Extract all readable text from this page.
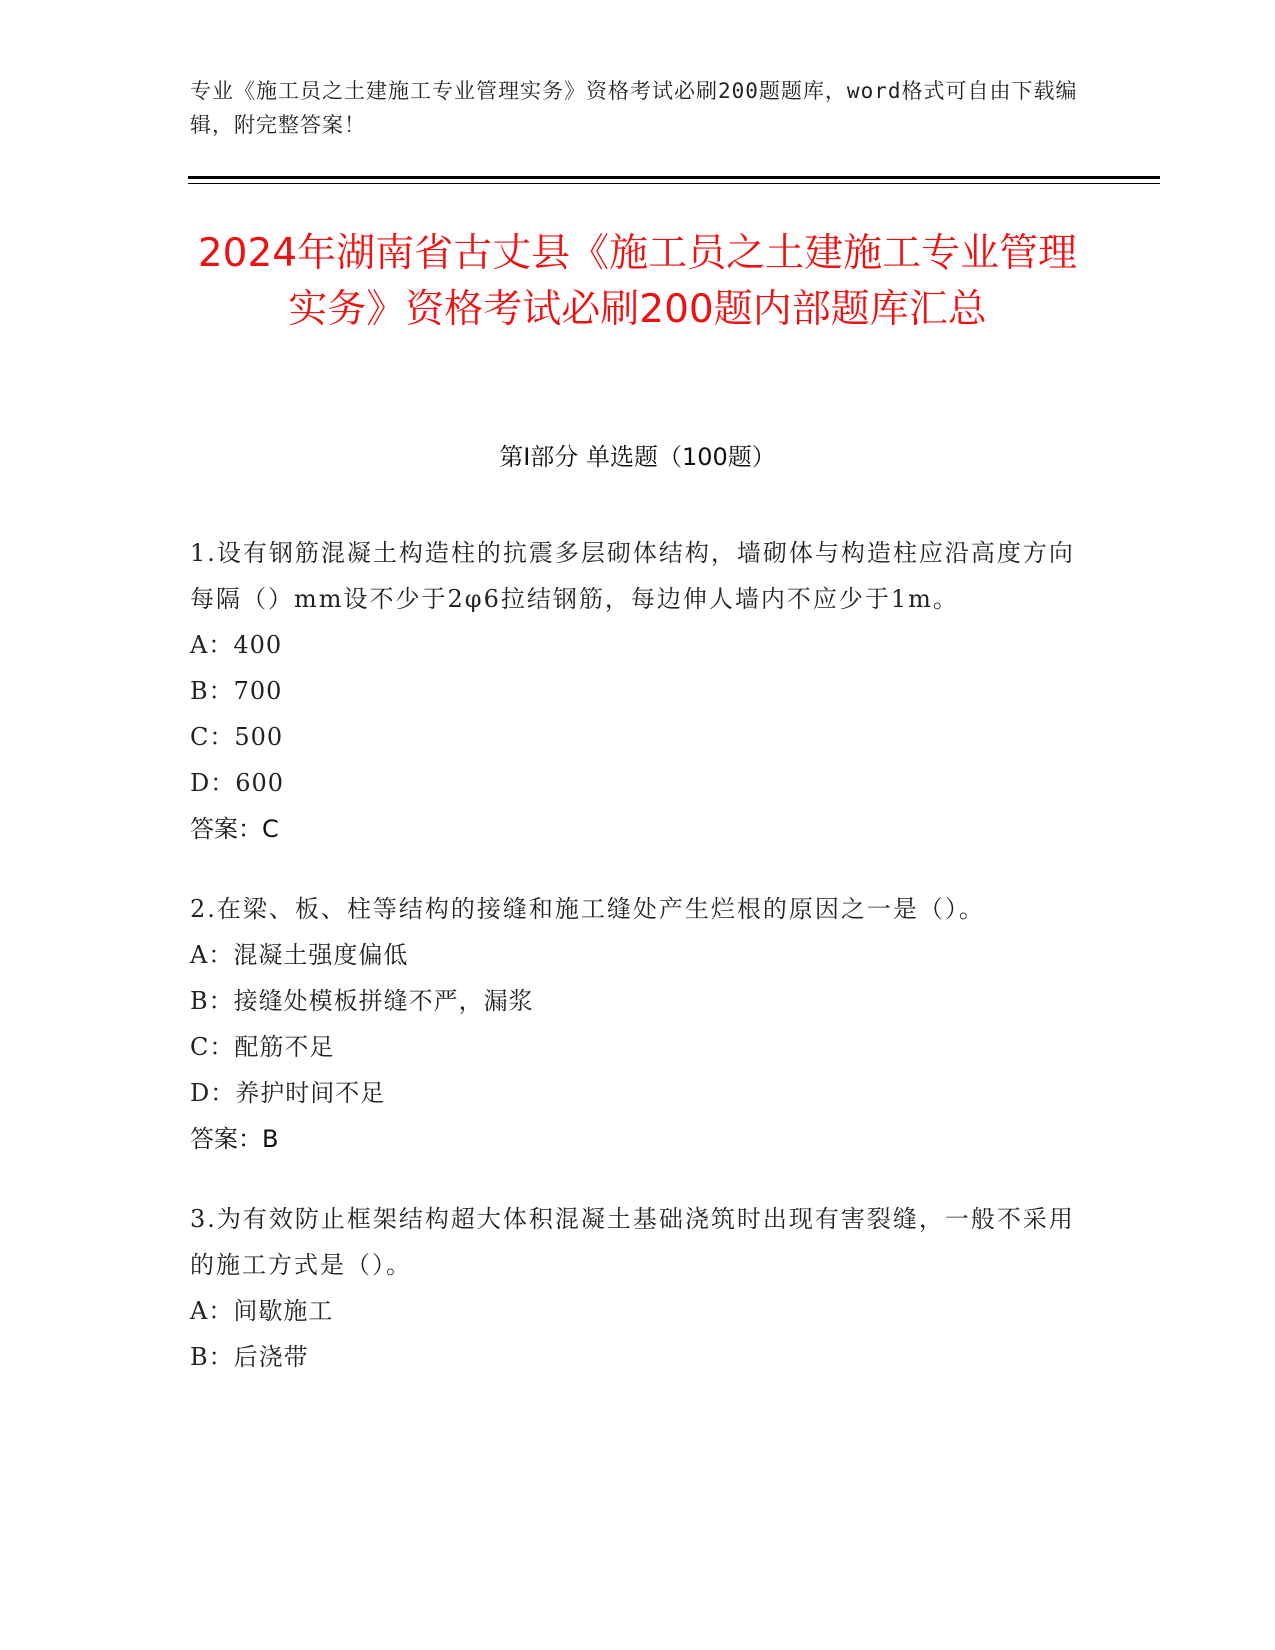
专业《施工员之土建施工专业管理实务》资格考试必刷200题题库，word格式可自由下载编辑，附完整答案！
2024年湖南省古丈县《施工员之土建施工专业管理实务》资格考试必刷200题内部题库汇总
第Ⅰ部分 单选题（100题）

1.设有钢筋混凝土构造柱的抗震多层砌体结构，墙砌体与构造柱应沿高度方向每隔（）mm设不少于2φ6拉结钢筋，每边伸人墙内不应少于1m。

A：400

B：700

C：500

D：600

答案：C

2.在梁、板、柱等结构的接缝和施工缝处产生烂根的原因之一是（）。

A：混凝土强度偏低

B：接缝处模板拼缝不严，漏浆

C：配筋不足

D：养护时间不足

答案：B

3.为有效防止框架结构超大体积混凝土基础浇筑时出现有害裂缝，一般不采用的施工方式是（）。

A：间歇施工

B：后浇带
